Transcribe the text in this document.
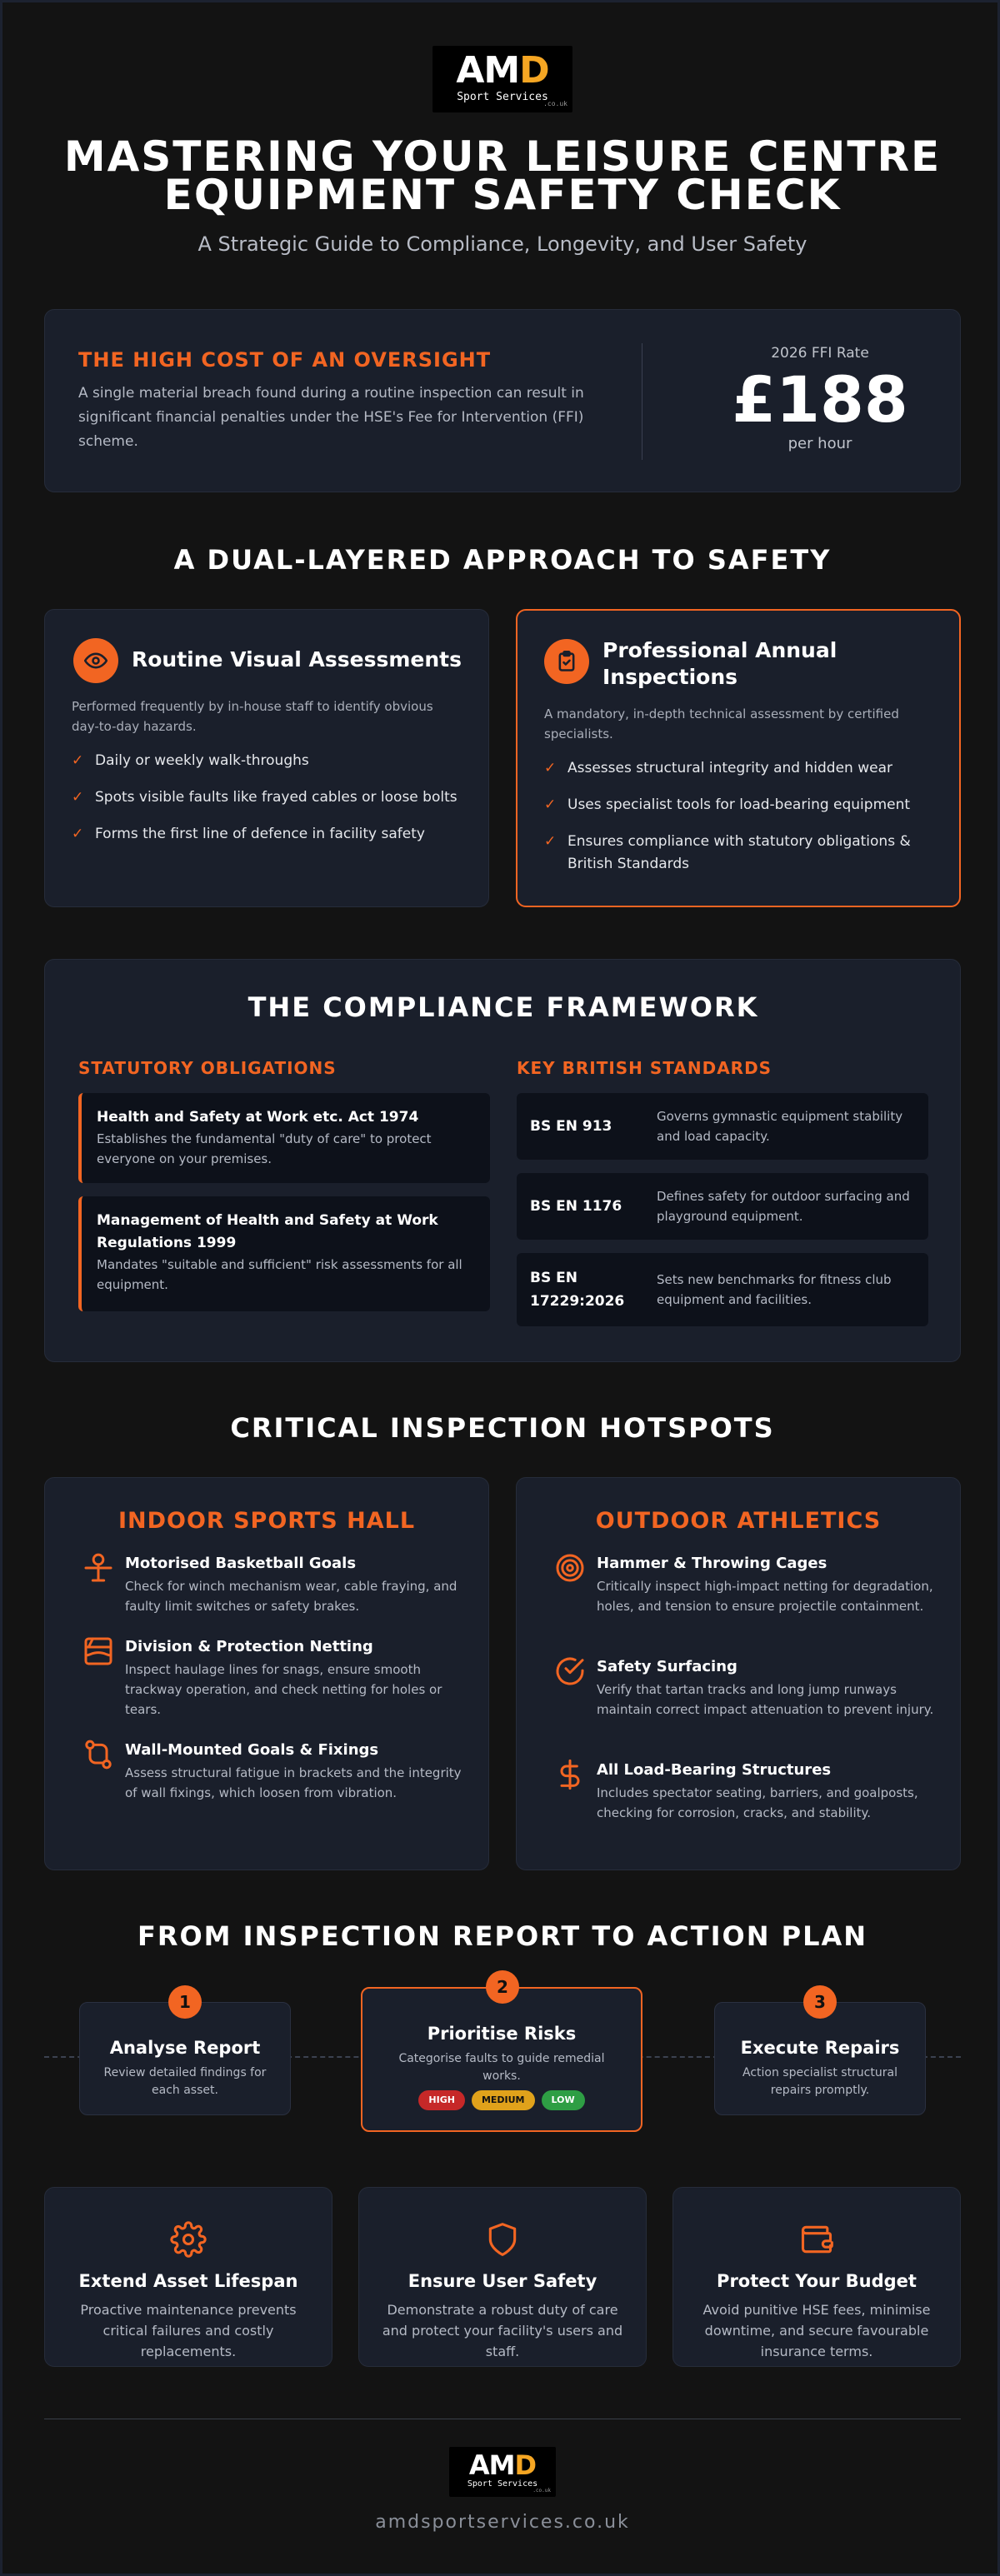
AMD
Sport Services
.co.uk
MASTERING YOUR LEISURE CENTRE
EQUIPMENT SAFETY CHECK
A Strategic Guide to Compliance, Longevity, and User Safety
THE HIGH COST OF AN OVERSIGHT
A single material breach found during a routine inspection can result in significant financial penalties under the HSE's Fee for Intervention (FFI) scheme.
2026 FFI Rate
£188
per hour
A DUAL-LAYERED APPROACH TO SAFETY
Routine Visual Assessments
Performed frequently by in-house staff to identify obvious day-to-day hazards.
✓ Daily or weekly walk-throughs
✓ Spots visible faults like frayed cables or loose bolts
✓ Forms the first line of defence in facility safety
Professional Annual Inspections
A mandatory, in-depth technical assessment by certified specialists.
✓ Assesses structural integrity and hidden wear
✓ Uses specialist tools for load-bearing equipment
✓ Ensures compliance with statutory obligations & British Standards
THE COMPLIANCE FRAMEWORK
STATUTORY OBLIGATIONS	KEY BRITISH STANDARDS
Health and Safety at Work etc. Act 1974
Establishes the fundamental "duty of care" to protect everyone on your premises.
Management of Health and Safety at Work Regulations 1999
Mandates "suitable and sufficient" risk assessments for all equipment.
BS EN 913
Governs gymnastic equipment stability and load capacity.
BS EN 1176
Defines safety for outdoor surfacing and playground equipment.
BS EN 17229:2026
Sets new benchmarks for fitness club equipment and facilities.
CRITICAL INSPECTION HOTSPOTS
INDOOR SPORTS HALL
Motorised Basketball Goals
Check for winch mechanism wear, cable fraying, and faulty limit switches or safety brakes.
Division & Protection Netting
Inspect haulage lines for snags, ensure smooth trackway operation, and check netting for holes or tears.
Wall-Mounted Goals & Fixings
Assess structural fatigue in brackets and the integrity of wall fixings, which loosen from vibration.
OUTDOOR ATHLETICS
Hammer & Throwing Cages
Critically inspect high-impact netting for degradation, holes, and tension to ensure projectile containment.
Safety Surfacing
Verify that tartan tracks and long jump runways maintain correct impact attenuation to prevent injury.
All Load-Bearing Structures
Includes spectator seating, barriers, and goalposts, checking for corrosion, cracks, and stability.
FROM INSPECTION REPORT TO ACTION PLAN
Analyse Report
Review detailed findings for each asset.
1
Prioritise Risks
Categorise faults to guide remedial works.
HIGH	MEDIUM	LOW
2
Execute Repairs
Action specialist structural repairs promptly.
3
Extend Asset Lifespan
Proactive maintenance prevents critical failures and costly replacements.
Ensure User Safety
Demonstrate a robust duty of care and protect your facility's users and staff.
Protect Your Budget
Avoid punitive HSE fees, minimise downtime, and secure favourable insurance terms.
AMD
Sport Services
.co.uk
amdsportservices.co.uk
